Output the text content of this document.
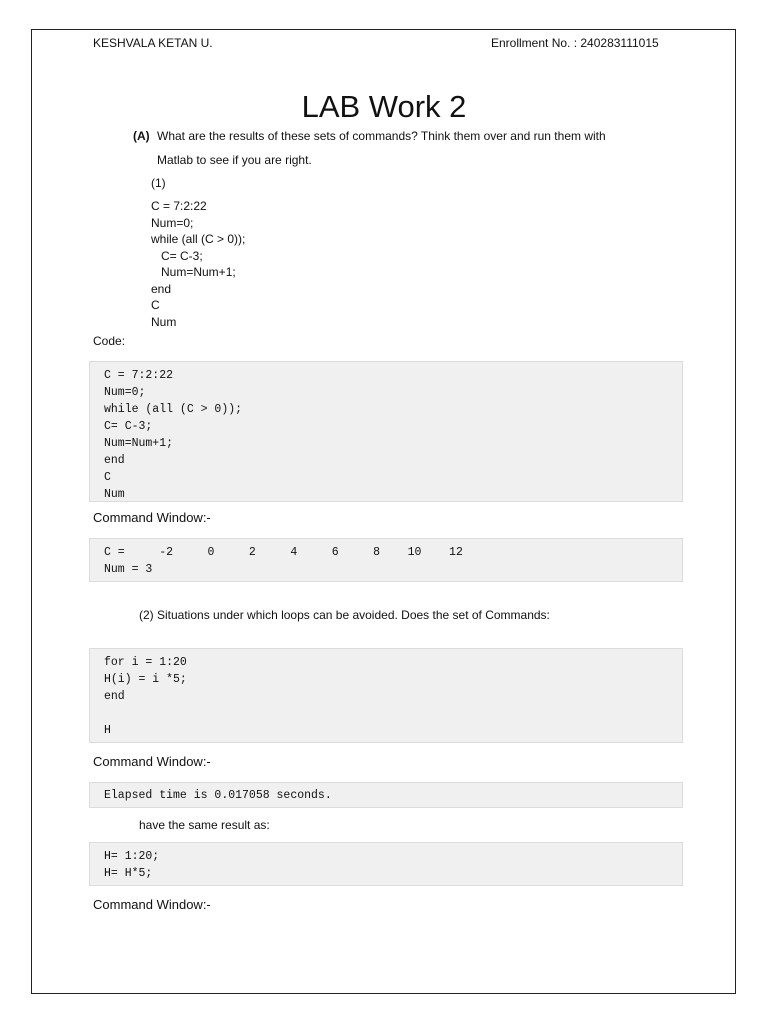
KESHVALA KETAN U.	Enrollment No. : 240283111015
LAB Work 2
(A) What are the results of these sets of commands? Think them over and run them with
Matlab to see if you are right.
(1)
C = 7:2:22
Num=0;
while (all (C > 0));
C= C-3;
Num=Num+1;
end
C
Num
Code:
C = 7:2:22
Num=0;
while (all (C > 0));
C= C-3;
Num=Num+1;
end
C
Num
Command Window:-
C =     -2     0     2     4     6     8    10    12
Num = 3
(2) Situations under which loops can be avoided. Does the set of Commands:
for i = 1:20
H(i) = i *5;
end
H
Command Window:-
Elapsed time is 0.017058 seconds.
have the same result as:
H= 1:20;
H= H*5;
Command Window:-
